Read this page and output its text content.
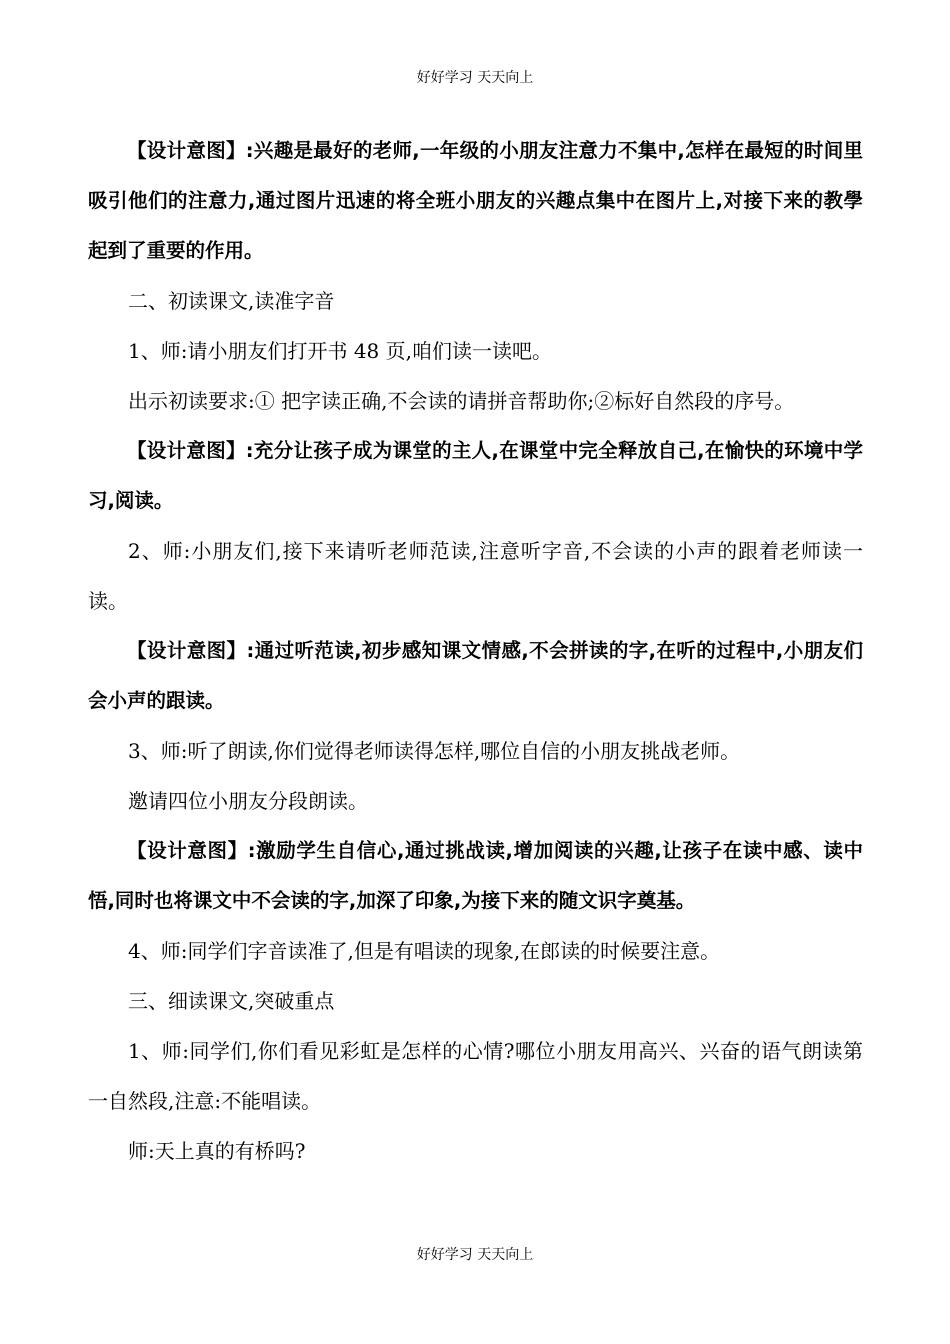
好好学习 天天向上

【设计意图】:兴趣是最好的老师,一年级的小朋友注意力不集中,怎样在最短的时间里吸引他们的注意力,通过图片迅速的将全班小朋友的兴趣点集中在图片上,对接下来的教學起到了重要的作用。

二、初读课文,读准字音

1、师:请小朋友们打开书 48 页,咱们读一读吧。

出示初读要求:① 把字读正确,不会读的请拼音帮助你;②标好自然段的序号。

【设计意图】:充分让孩子成为课堂的主人,在课堂中完全释放自己,在愉快的环境中学习,阅读。

2、师:小朋友们,接下来请听老师范读,注意听字音,不会读的小声的跟着老师读一读。

【设计意图】:通过听范读,初步感知课文情感,不会拼读的字,在听的过程中,小朋友们会小声的跟读。

3、师:听了朗读,你们觉得老师读得怎样,哪位自信的小朋友挑战老师。

邀请四位小朋友分段朗读。

【设计意图】:激励学生自信心,通过挑战读,增加阅读的兴趣,让孩子在读中感、读中悟,同时也将课文中不会读的字,加深了印象,为接下来的随文识字奠基。

4、师:同学们字音读准了,但是有唱读的现象,在郎读的时候要注意。

三、细读课文,突破重点

1、师:同学们,你们看见彩虹是怎样的心情?哪位小朋友用高兴、兴奋的语气朗读第一自然段,注意:不能唱读。

师:天上真的有桥吗?

好好学习 天天向上
